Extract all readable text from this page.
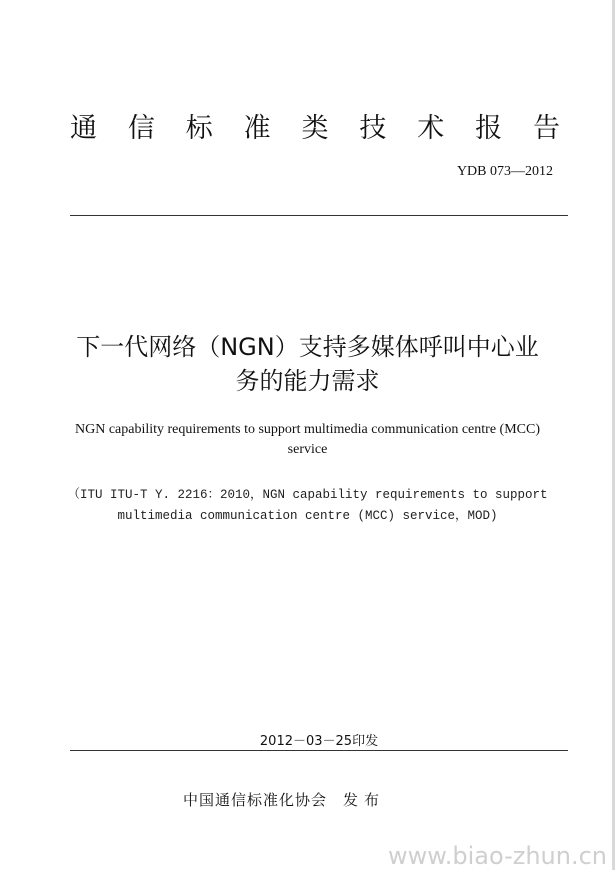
通 信 标 准 类 技 术 报 告
YDB 073—2012
下一代网络（NGN）支持多媒体呼叫中心业
务的能力需求
NGN capability requirements to support multimedia communication centre (MCC)
service
（ITU ITU-T Y. 2216：2010，NGN capability requirements to support
multimedia communication centre (MCC) service，MOD)
2012－03－25印发
中国通信标准化协会 发布
www.biao-zhun.cn
